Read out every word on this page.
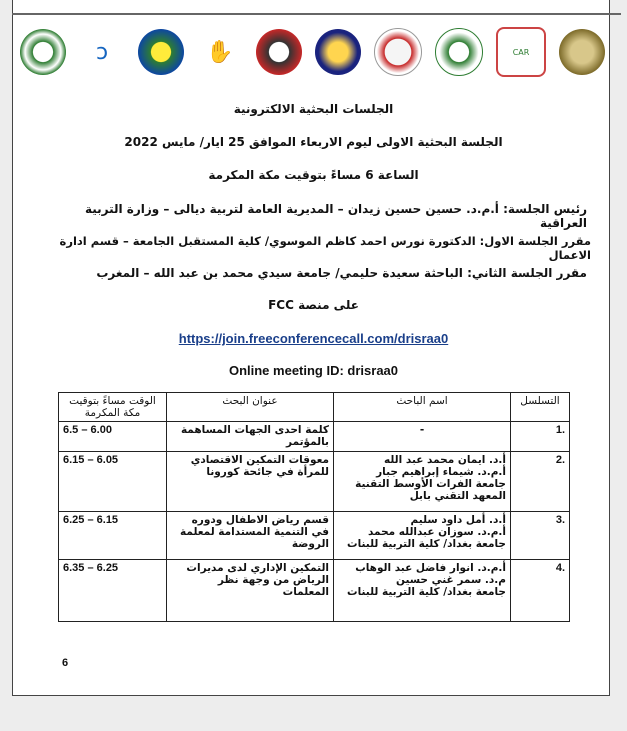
CAR
✋
ↄ
الجلسات البحثية الالكترونية
الجلسة البحثية الاولى ليوم الاربعاء الموافق 25 ايار/ مايس 2022
الساعة 6 مساءً بتوقيت مكة المكرمة
رئيس الجلسة: أ.م.د. حسين حسين زيدان – المديرية العامة لتربية ديالى – وزارة التربية العراقية
مقرر الجلسة الاول: الدكتورة نورس احمد كاظم الموسوي/ كلية المستقبل الجامعة – قسم ادارة الاعمال
مقرر الجلسة الثاني: الباحثة سعيدة حليمي/ جامعة سيدي محمد بن عبد الله – المغرب
على منصة FCC
https://join.freeconferencecall.com/drisraa0
Online meeting ID: drisraa0
التسلسل	اسم الباحث	عنوان البحث	الوقت مساءً بتوقيت مكة المكرمة
.1	-	كلمة احدى الجهات المساهمة بالمؤتمر	6.5 – 6.00
.2	أ.د. ايمان محمد عبد الله
أ.م.د. شيماء إبراهيم جبار
جامعة الفرات الأوسط التقنية المعهد التقني بابل	معوقات التمكين الاقتصادي للمرأة في جائحة كورونا	6.15 – 6.05
.3	أ.د. أمل داود سليم
أ.م.د. سوزان عبدالله محمد
جامعة بغداد/ كلية التربية للبنات	قسم رياض الاطفال ودوره في التنمية المستدامة لمعلمة الروضة	6.25 – 6.15
.4	أ.م.د. انوار فاضل عبد الوهاب
م.د. سمر غني حسين
جامعة بغداد/ كلية التربية للبنات	التمكين الإداري لدى مديرات الرياض من وجهة نظر المعلمات	6.35 – 6.25
6
